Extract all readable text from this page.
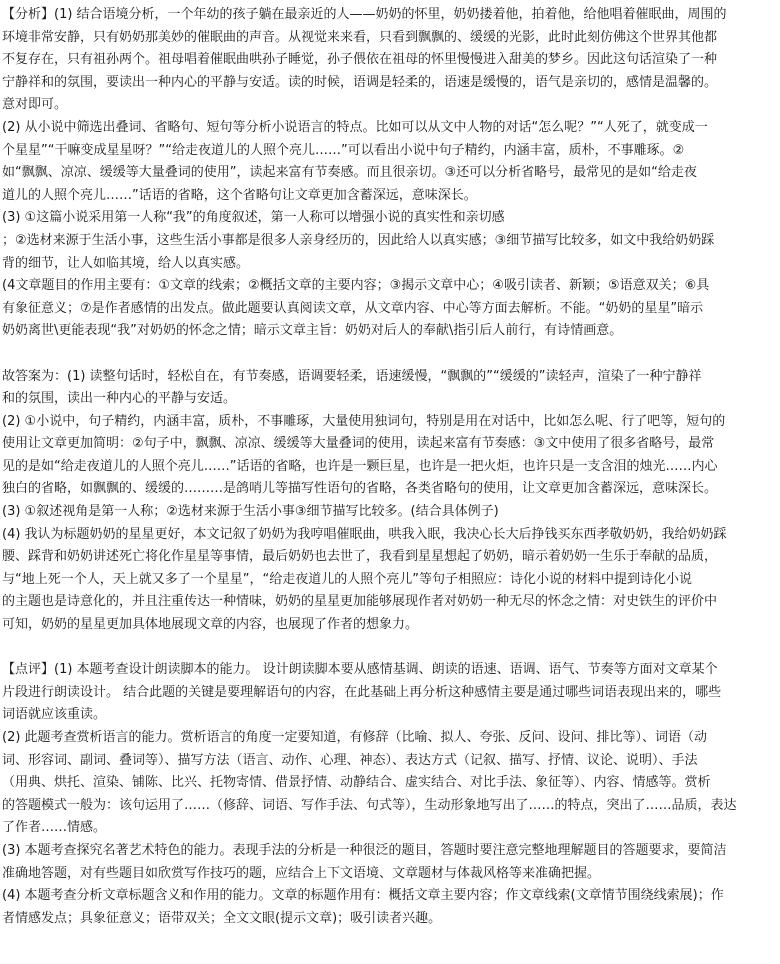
【分析】(1) 结合语境分析，一个年幼的孩子躺在最亲近的人——奶奶的怀里，奶奶搂着他，拍着他，给他唱着催眠曲，周围的

环境非常安静，只有奶奶那美妙的催眠曲的声音。从视觉来来看，只看到飘飘的、缓缓的光影，此时此刻仿佛这个世界其他都

不复存在，只有祖孙两个。祖母唱着催眠曲哄孙子睡觉，孙子偎依在祖母的怀里慢慢进入甜美的梦乡。因此这句话渲染了一种

宁静祥和的氛围，要读出一种内心的平静与安适。读的时候，语调是轻柔的，语速是缓慢的，语气是亲切的，感情是温馨的。

意对即可。

(2) 从小说中筛选出叠词、省略句、短句等分析小说语言的特点。比如可以从文中人物的对话“怎么呢？”“人死了，就变成一

个星星”“干嘛变成星星呀？”“给走夜道儿的人照个亮儿……”可以看出小说中句子精约，内涵丰富，质朴，不事雕琢。②

如“飘飘、凉凉、缓缓等大量叠词的使用”，读起来富有节奏感。而且很亲切。③还可以分析省略号，最常见的是如“给走夜

道儿的人照个亮儿……”话语的省略，这个省略句让文章更加含蓄深远，意味深长。

(3) ①这篇小说采用第一人称“我”的角度叙述，第一人称可以增强小说的真实性和亲切感

；②选材来源于生活小事，这些生活小事都是很多人亲身经历的，因此给人以真实感；③细节描写比较多，如文中我给奶奶踩

背的细节，让人如临其境，给人以真实感。

(4文章题目的作用主要有：①文章的线索；②概括文章的主要内容；③揭示文章中心；④吸引读者、新颖；⑤语意双关；⑥具

有象征意义；⑦是作者感情的出发点。做此题要认真阅读文章，从文章内容、中心等方面去解析。不能。“奶奶的星星”暗示

奶奶离世\更能表现“我”对奶奶的怀念之情；暗示文章主旨：奶奶对后人的奉献\指引后人前行，有诗情画意。

故答案为：(1) 读整句话时，轻松自在，有节奏感，语调要轻柔，语速缓慢，“飘飘的”“缓缓的”读轻声，渲染了一种宁静祥

和的氛围，读出一种内心的平静与安适。

(2) ①小说中，句子精约，内涵丰富，质朴，不事雕琢，大量使用独词句，特别是用在对话中，比如怎么呢、行了吧等，短句的

使用让文章更加简明：②句子中，飘飘、凉凉、缓缓等大量叠词的使用，读起来富有节奏感：③文中使用了很多省略号，最常

见的是如“给走夜道儿的人照个亮儿……”话语的省略，也许是一颗巨星，也许是一把火炬，也许只是一支含泪的烛光……内心

独白的省略，如飘飘的、缓缓的………是鸽哨儿等描写性语句的省略，各类省略句的使用，让文章更加含蓄深远，意味深长。

(3) ①叙述视角是第一人称；②选材来源于生活小事③细节描写比较多。(结合具体例子)

(4) 我认为标题奶奶的星星更好，本文记叙了奶奶为我哼唱催眠曲，哄我入眠，我决心长大后挣钱买东西孝敬奶奶，我给奶奶踩

腰、踩背和奶奶讲述死亡将化作星星等事情，最后奶奶也去世了，我看到星星想起了奶奶，暗示着奶奶一生乐于奉献的品质，

与“地上死一个人，天上就又多了一个星星”，“给走夜道儿的人照个亮儿”等句子相照应：诗化小说的材料中提到诗化小说

的主题也是诗意化的，并且注重传达一种情味，奶奶的星星更加能够展现作者对奶奶一种无尽的怀念之情：对史铁生的评价中

可知，奶奶的星星更加具体地展现文章的内容，也展现了作者的想象力。

【点评】(1) 本题考查设计朗读脚本的能力。 设计朗读脚本要从感情基调、朗读的语速、语调、语气、节奏等方面对文章某个

片段进行朗读设计。 结合此题的关键是要理解语句的内容，在此基础上再分析这种感情主要是通过哪些词语表现出来的，哪些

词语就应该重读。

(2) 此题考查赏析语言的能力。赏析语言的角度一定要知道，有修辞（比喻、拟人、夸张、反问、设问、排比等）、词语（动

词、形容词、副词、叠词等）、描写方法（语言、动作、心理、神态）、表达方式（记叙、描写、抒情、议论、说明）、手法

（用典、烘托、渲染、铺陈、比兴、托物寄情、借景抒情、动静结合、虚实结合、对比手法、象征等）、内容、情感等。赏析

的答题模式一般为：该句运用了……（修辞、词语、写作手法、句式等），生动形象地写出了……的特点，突出了……品质，表达

了作者……情感。

(3) 本题考查探究名著艺术特色的能力。表现手法的分析是一种很泛的题目，答题时要注意完整地理解题目的答题要求，要简洁

准确地答题，对有些题目如欣赏写作技巧的题，应结合上下文语境、文章题材与体裁风格等来准确把握。

(4) 本题考查分析文章标题含义和作用的能力。文章的标题作用有：概括文章主要内容；作文章线索(文章情节围绕线索展)；作

者情感发点；具象征意义；语带双关；全文文眼(提示文章)；吸引读者兴趣。
